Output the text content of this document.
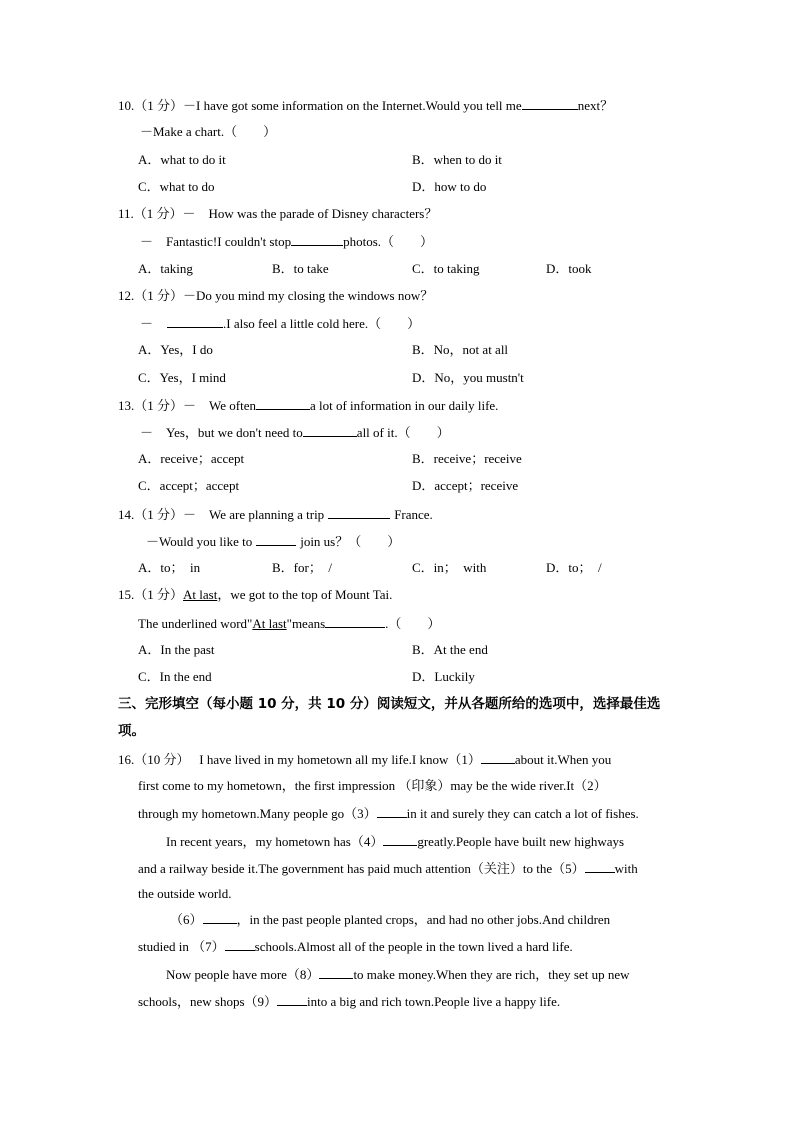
10.（1 分）－I have got some information on the Internet.Would you tell me	next？
－Make a chart.（　　）
A．what to do it	B．when to do it
C．what to do	D．how to do
11.（1 分）－　How was the parade of Disney characters？
－　Fantastic!I couldn't stop	photos.（　　）
A．taking	B．to take	C．to taking	D．took
12.（1 分）－Do you mind my closing the windows now？
－	.I also feel a little cold here.（　　）
A．Yes，I do	B．No，not at all
C．Yes，I mind	D．No，you mustn't
13.（1 分）－　We often	a lot of information in our daily life.
－　Yes，but we don't need to	all of it.（　　）
A．receive；accept	B．receive；receive
C．accept；accept	D．accept；receive
14.（1 分）－　We are planning a trip	France.
－Would you like to	join us？（　　）
A．to；　in	B．for；　/	C．in；　with	D．to；　/
15.（1 分）At last，we got to the top of Mount Tai.
The underlined word"At last"means	.（　　）
A．In the past	B．At the end
C．In the end	D．Luckily
三、完形填空（每小题 10 分，共 10 分）阅读短文，并从各题所给的选项中，选择最佳选
项。
16.（10 分）　 I have lived in my hometown all my life.I know（1）	about it.When you
first come to my hometown，the first impression （印象）may be the wide river.It（2）
through my hometown.Many people go（3） in it and surely they can catch a lot of fishes.
In recent years，my hometown has（4）	greatly.People have built new highways
and a railway beside it.The government has paid much attention（关注）to the（5） with
the outside world.
（6）	，in the past people planted crops，and had no other jobs.And children
studied in （7） schools.Almost all of the people in the town lived a hard life.
Now people have more（8）	to make money.When they are rich，they set up new
schools，new shops（9） into a big and rich town.People live a happy life.
